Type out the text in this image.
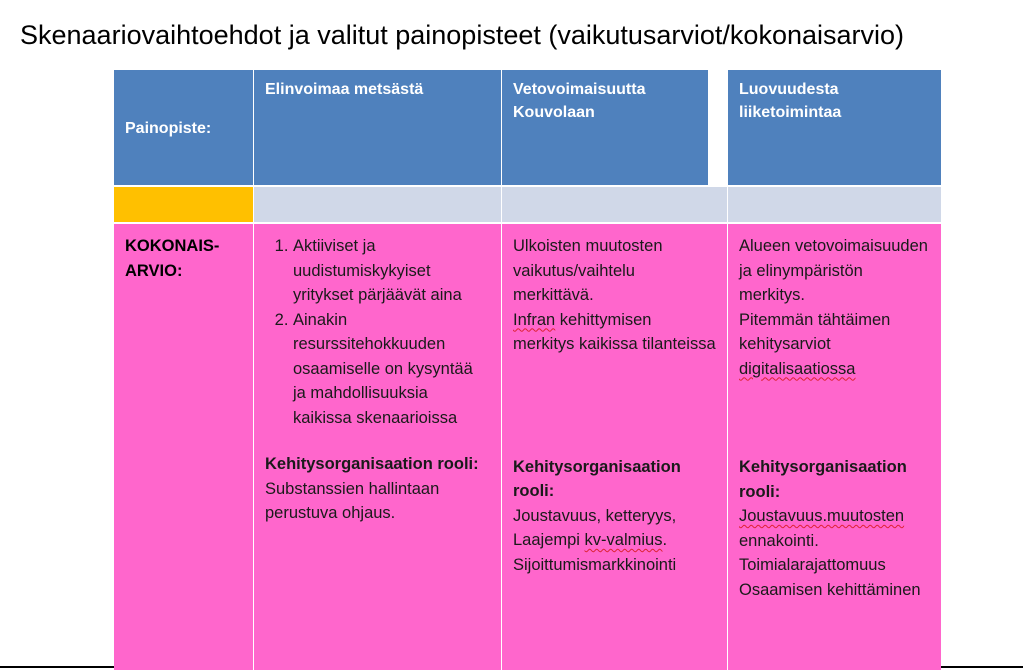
Skenaariovaihtoehdot ja valitut painopisteet (vaikutusarviot/kokonaisarvio)
Painopiste:
Elinvoimaa metsästä	Vetovoimaisuutta Kouvolaan
Luovuudesta liiketoimintaa
KOKONAIS-
ARVIO:
1. Aktiiviset ja uudistumiskykyiset yritykset pärjäävät aina
2. Ainakin resurssitehokkuuden osaamiselle on kysyntää ja mahdollisuuksia kaikissa skenaarioissa
Kehitysorganisaation rooli:  Substanssien hallintaan perustuva ohjaus.
Ulkoisten muutosten vaikutus/vaihtelu merkittävä.
Infran kehittymisen merkitys kaikissa tilanteissa
Kehitysorganisaation rooli:
Joustavuus, ketteryys,
Laajempi kv-valmius.
Sijoittumismarkkinointi
Alueen vetovoimaisuuden ja elinympäristön merkitys.
Pitemmän tähtäimen kehitysarviot digitalisaatiossa
Kehitysorganisaation rooli:
Joustavuus.muutosten ennakointi.
Toimialarajattomuus
Osaamisen kehittäminen
